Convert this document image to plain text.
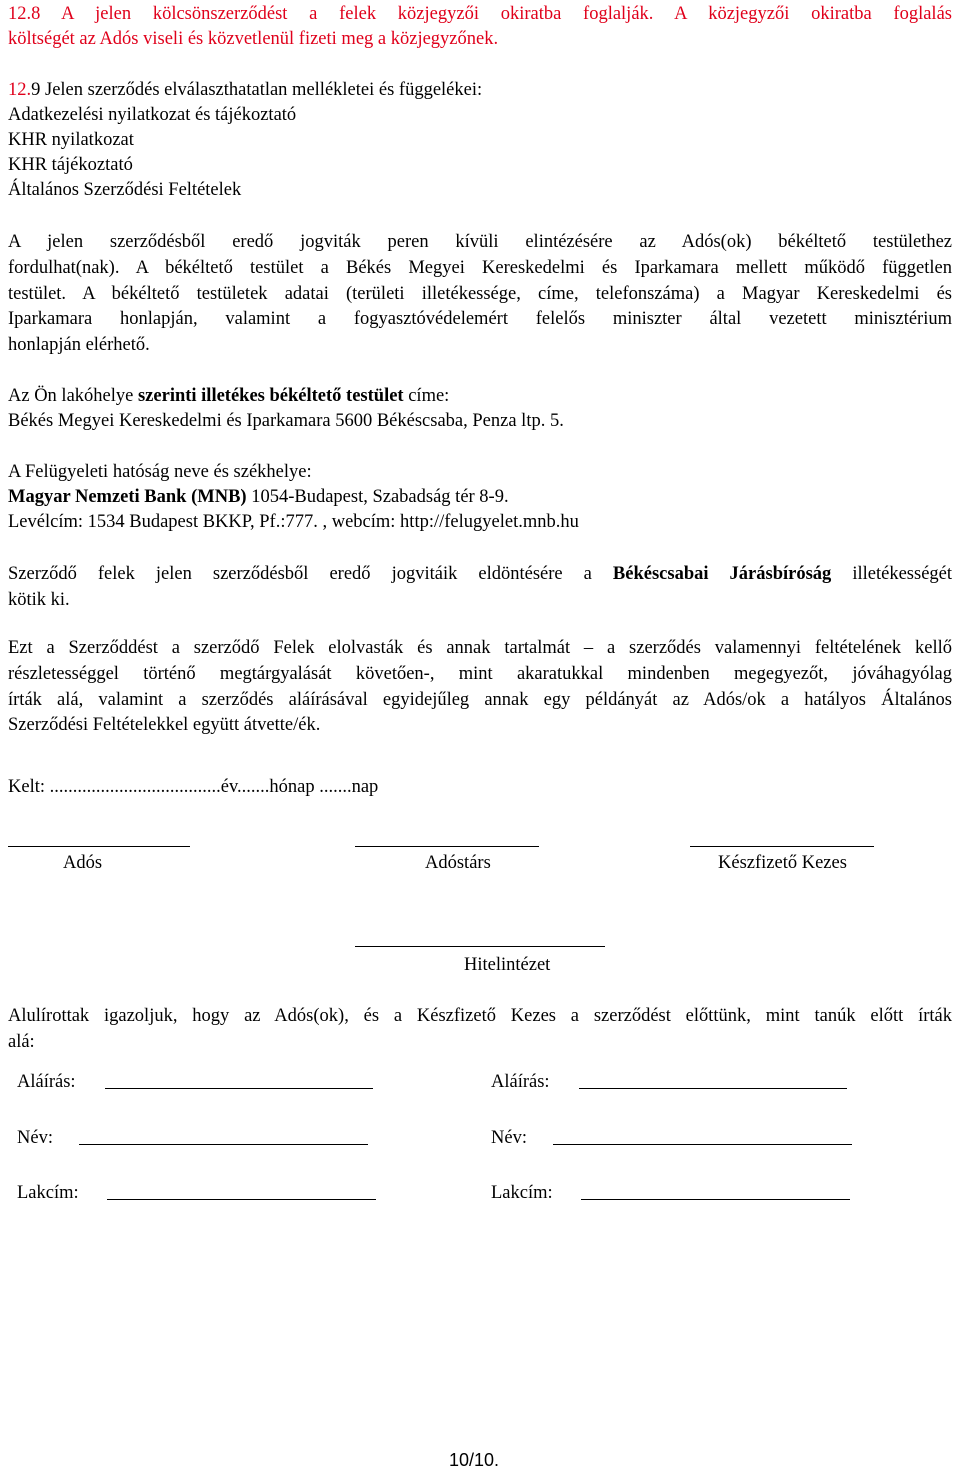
12.8 A jelen kölcsönszerződést a felek közjegyzői okiratba foglalják. A közjegyzői okiratba foglalás
költségét az Adós viseli és közvetlenül fizeti meg a közjegyzőnek.
12.9 Jelen szerződés elválaszthatatlan mellékletei és függelékei:
Adatkezelési nyilatkozat és tájékoztató
KHR nyilatkozat
KHR tájékoztató
Általános Szerződési Feltételek
A jelen szerződésből eredő jogviták peren kívüli elintézésére az Adós(ok) békéltető testülethez
fordulhat(nak). A békéltető testület a Békés Megyei Kereskedelmi és Iparkamara mellett működő független
testület. A békéltető testületek adatai (területi illetékessége, címe, telefonszáma) a Magyar Kereskedelmi és
Iparkamara honlapján, valamint a fogyasztóvédelemért felelős miniszter által vezetett minisztérium
honlapján elérhető.
Az Ön lakóhelye szerinti illetékes békéltető testület címe:
Békés Megyei Kereskedelmi és Iparkamara 5600 Békéscsaba, Penza ltp. 5.
A Felügyeleti hatóság neve és székhelye:
Magyar Nemzeti Bank (MNB) 1054-Budapest, Szabadság tér 8-9.
Levélcím: 1534 Budapest BKKP, Pf.:777. , webcím: http://felugyelet.mnb.hu
Szerződő felek jelen szerződésből eredő jogvitáik eldöntésére a Békéscsabai Járásbíróság illetékességét
kötik ki.
Ezt a Szerződdést a szerződő Felek elolvasták és annak tartalmát – a szerződés valamennyi feltételének kellő
részletességgel történő megtárgyalását követően-, mint akaratukkal mindenben megegyezőt, jóváhagyólag
írták alá, valamint a szerződés aláírásával egyidejűleg annak egy példányát az Adós/ok a hatályos Általános
Szerződési Feltételekkel együtt átvette/ék.
Kelt: .....................................év.......hónap .......nap
Adós	Adóstárs	Készfizető Kezes
Hitelintézet
Alulírottak igazoljuk, hogy az Adós(ok), és a Készfizető Kezes a szerződést előttünk, mint tanúk előtt írták
alá:
Aláírás:
Név:
Lakcím:
Aláírás:
Név:
Lakcím:
10/10.
